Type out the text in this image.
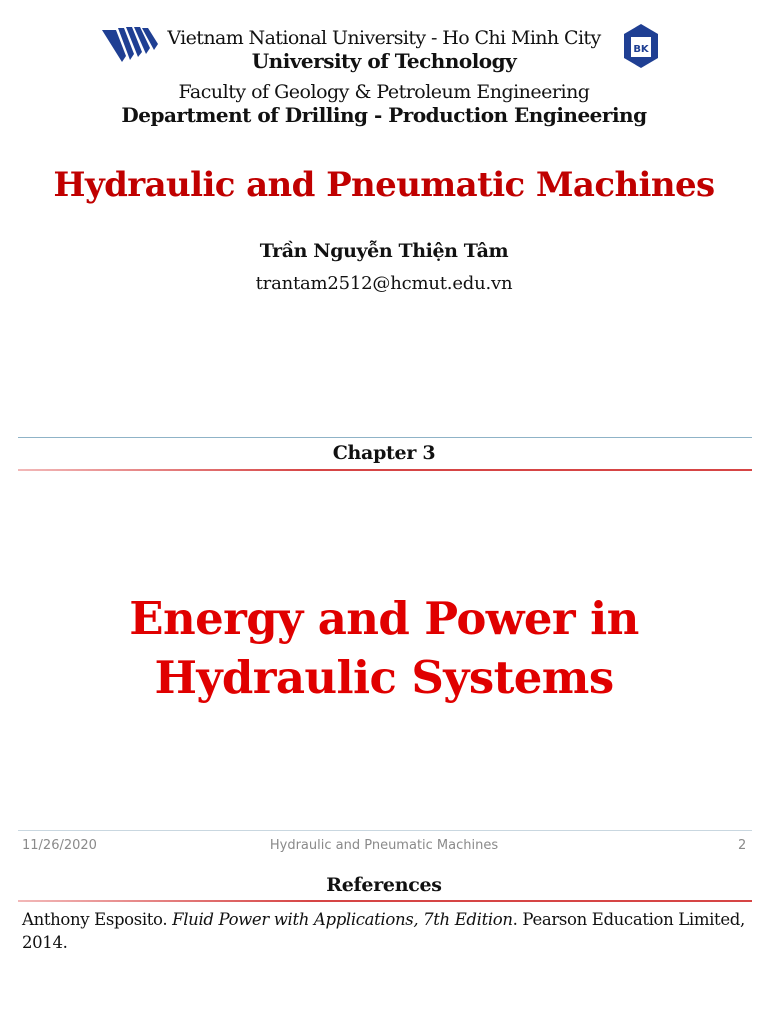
BK
Vietnam National University - Ho Chi Minh City
University of Technology
Faculty of Geology & Petroleum Engineering
Department of Drilling - Production Engineering
Hydraulic and Pneumatic Machines
Trần Nguyễn Thiện Tâm
trantam2512@hcmut.edu.vn
Chapter 3
Energy and Power in
Hydraulic Systems
11/26/2020	Hydraulic and Pneumatic Machines	2
References
Anthony Esposito. Fluid Power with Applications, 7th Edition. Pearson Education Limited, 2014.
